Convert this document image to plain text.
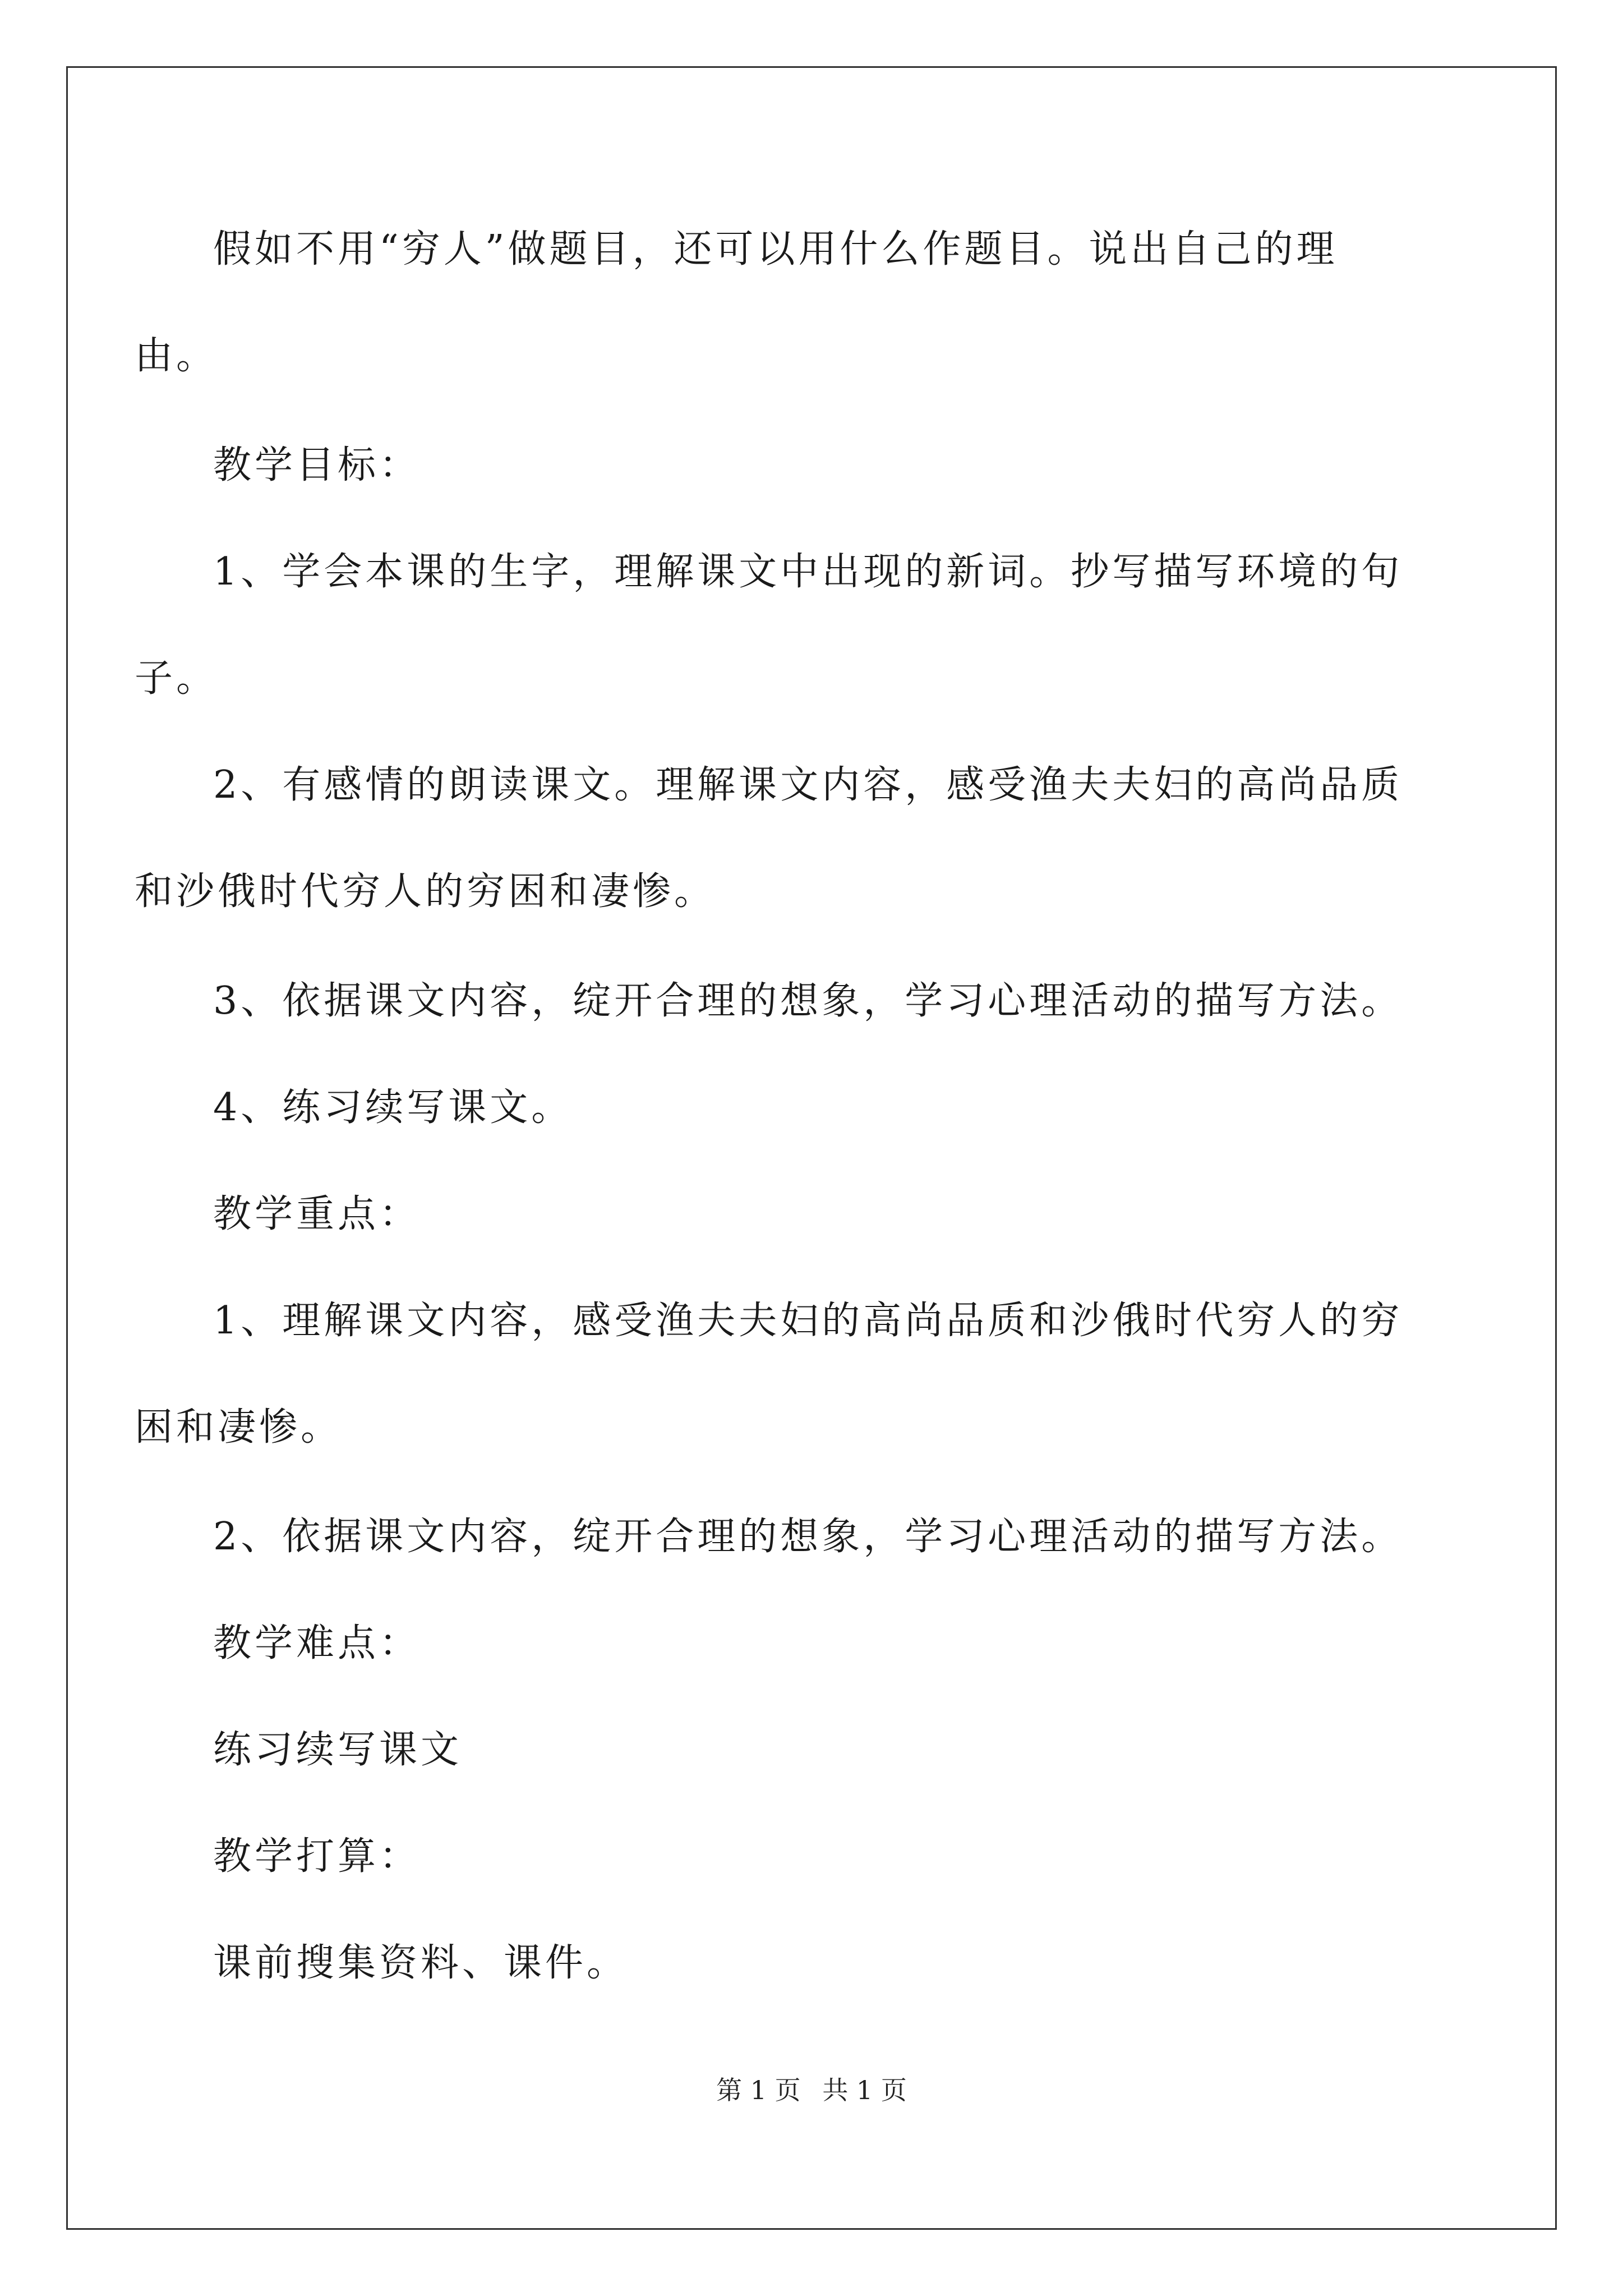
假如不用“穷人”做题目，还可以用什么作题目。说出自己的理
由。
教学目标：
1、学会本课的生字，理解课文中出现的新词。抄写描写环境的句
子。
2、有感情的朗读课文。理解课文内容，感受渔夫夫妇的高尚品质
和沙俄时代穷人的穷困和凄惨。
3、依据课文内容，绽开合理的想象，学习心理活动的描写方法。
4、练习续写课文。
教学重点：
1、理解课文内容，感受渔夫夫妇的高尚品质和沙俄时代穷人的穷
困和凄惨。
2、依据课文内容，绽开合理的想象，学习心理活动的描写方法。
教学难点：
练习续写课文
教学打算：
课前搜集资料、课件。
第 1 页 共 1 页
